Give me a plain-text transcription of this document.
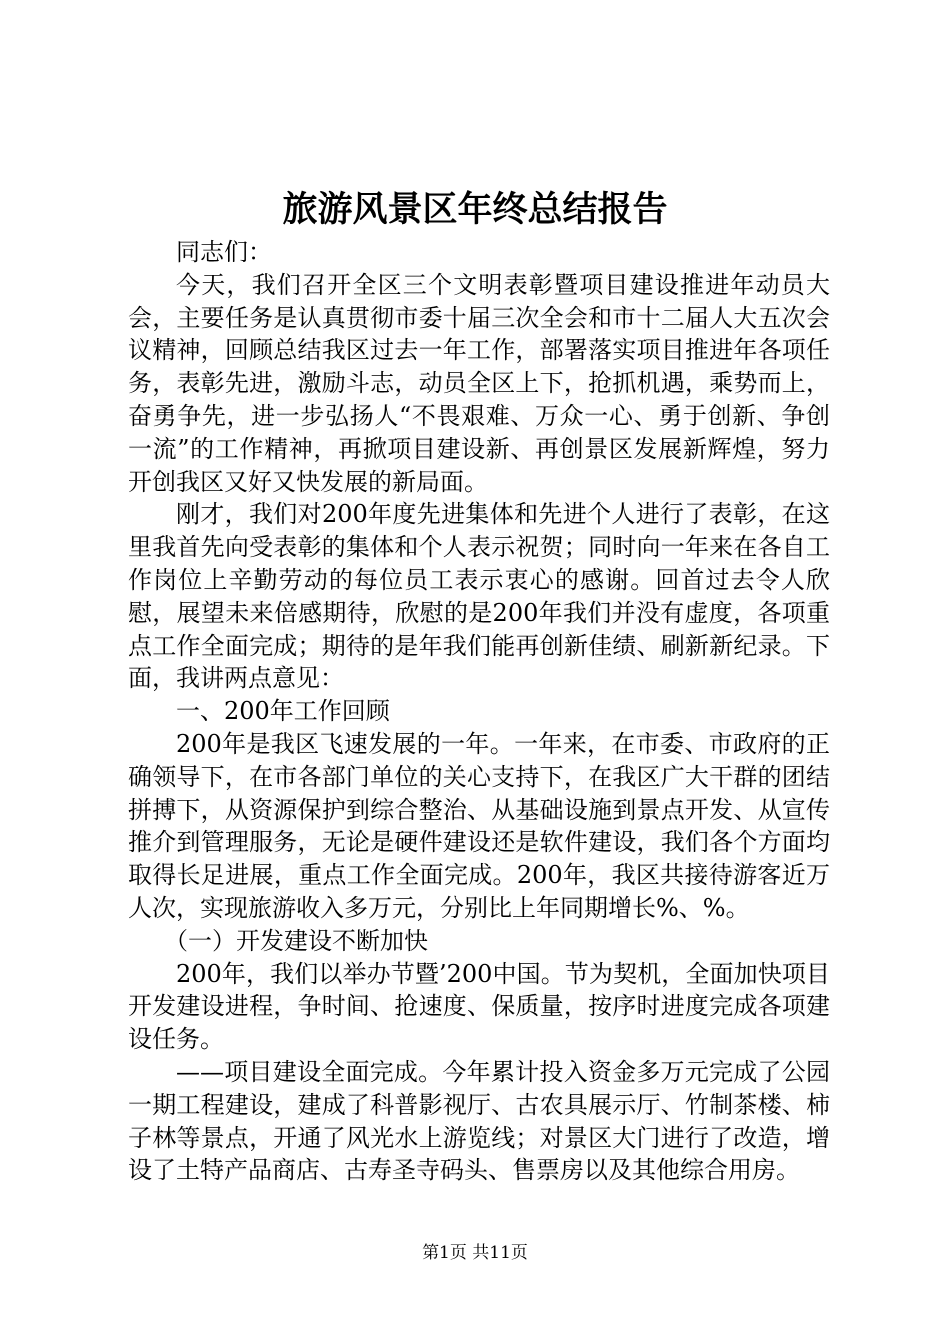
旅游风景区年终总结报告

同志们：

今天，我们召开全区三个文明表彰暨项目建设推进年动员大会，主要任务是认真贯彻市委十届三次全会和市十二届人大五次会议精神，回顾总结我区过去一年工作，部署落实项目推进年各项任务，表彰先进，激励斗志，动员全区上下，抢抓机遇，乘势而上，奋勇争先，进一步弘扬人“不畏艰难、万众一心、勇于创新、争创一流”的工作精神，再掀项目建设新、再创景区发展新辉煌，努力开创我区又好又快发展的新局面。

刚才，我们对200年度先进集体和先进个人进行了表彰，在这里我首先向受表彰的集体和个人表示祝贺；同时向一年来在各自工作岗位上辛勤劳动的每位员工表示衷心的感谢。回首过去令人欣慰，展望未来倍感期待，欣慰的是200年我们并没有虚度，各项重点工作全面完成；期待的是年我们能再创新佳绩、刷新新纪录。下面，我讲两点意见：

一、200年工作回顾

200年是我区飞速发展的一年。一年来，在市委、市政府的正确领导下，在市各部门单位的关心支持下，在我区广大干群的团结拼搏下，从资源保护到综合整治、从基础设施到景点开发、从宣传推介到管理服务，无论是硬件建设还是软件建设，我们各个方面均取得长足进展，重点工作全面完成。200年，我区共接待游客近万人次，实现旅游收入多万元，分别比上年同期增长%、%。

（一）开发建设不断加快

200年，我们以举办节暨’200中国。节为契机，全面加快项目开发建设进程，争时间、抢速度、保质量，按序时进度完成各项建设任务。

——项目建设全面完成。今年累计投入资金多万元完成了公园一期工程建设，建成了科普影视厅、古农具展示厅、竹制茶楼、柿子林等景点，开通了风光水上游览线；对景区大门进行了改造，增设了土特产品商店、古寿圣寺码头、售票房以及其他综合用房。

第1页 共11页
